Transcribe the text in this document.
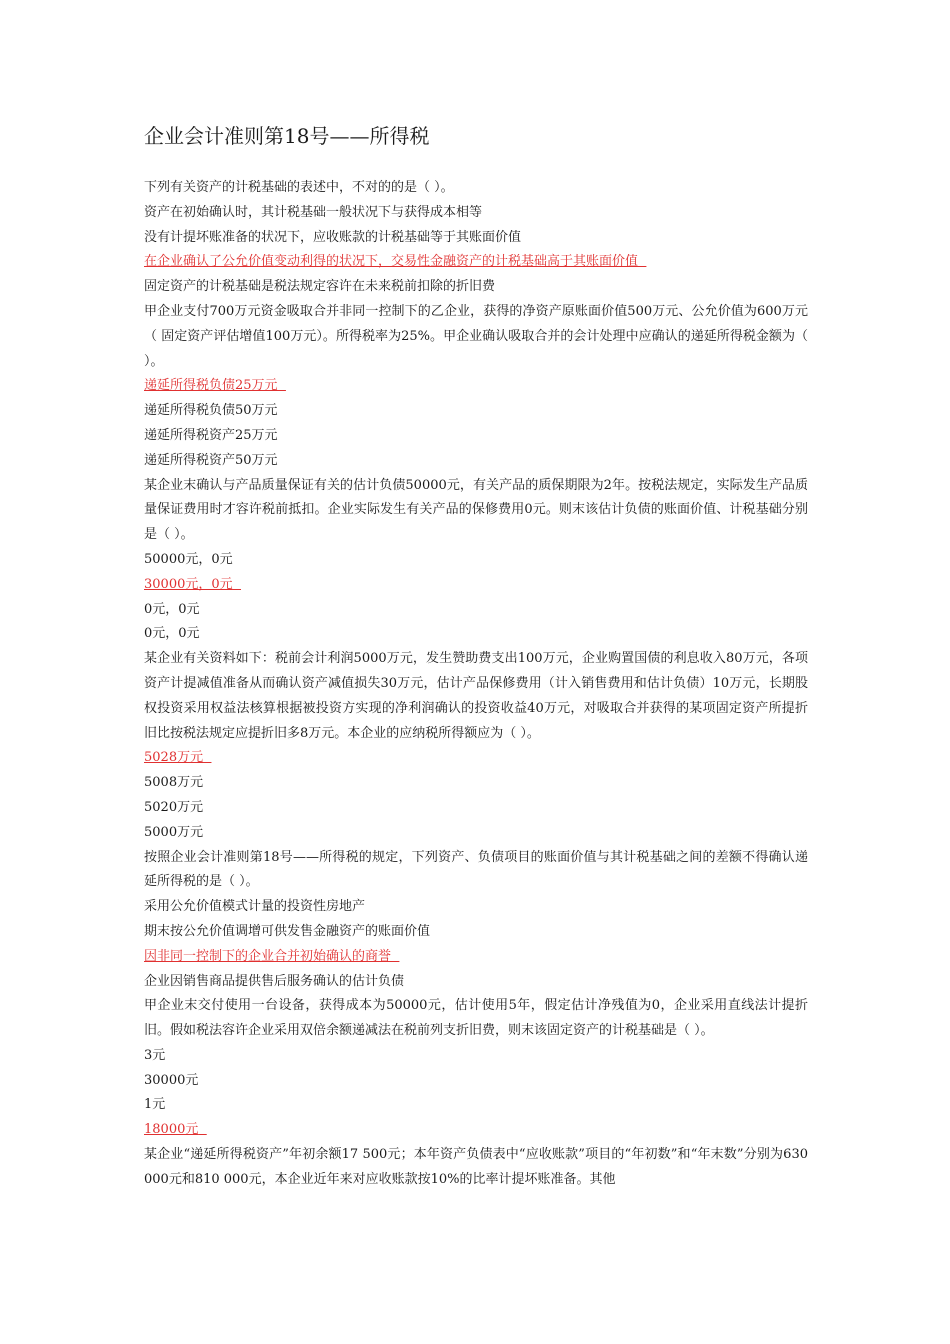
企业会计准则第18号——所得税
下列有关资产的计税基础的表述中，不对的的是（ ）。
资产在初始确认时，其计税基础一般状况下与获得成本相等
没有计提坏账准备的状况下，应收账款的计税基础等于其账面价值
在企业确认了公允价值变动利得的状况下，交易性金融资产的计税基础高于其账面价值
固定资产的计税基础是税法规定容许在未来税前扣除的折旧费
甲企业支付700万元资金吸取合并非同一控制下的乙企业，获得的净资产原账面价值500万元、公允价值为600万元（ 固定资产评估增值100万元）。所得税率为25%。甲企业确认吸取合并的会计处理中应确认的递延所得税金额为（ ）。
递延所得税负债25万元
递延所得税负债50万元
递延所得税资产25万元
递延所得税资产50万元
某企业末确认与产品质量保证有关的估计负债50000元，有关产品的质保期限为2年。按税法规定，实际发生产品质量保证费用时才容许税前抵扣。企业实际发生有关产品的保修费用0元。则末该估计负债的账面价值、计税基础分别是（ ）。
50000元，0元
30000元，0元
0元，0元
0元，0元
某企业有关资料如下：税前会计利润5000万元，发生赞助费支出100万元，企业购置国债的利息收入80万元，各项资产计提减值准备从而确认资产减值损失30万元，估计产品保修费用（计入销售费用和估计负债）10万元，长期股权投资采用权益法核算根据被投资方实现的净利润确认的投资收益40万元，对吸取合并获得的某项固定资产所提折旧比按税法规定应提折旧多8万元。本企业的应纳税所得额应为（ ）。
5028万元
5008万元
5020万元
5000万元
按照企业会计准则第18号——所得税的规定，下列资产、负债项目的账面价值与其计税基础之间的差额不得确认递延所得税的是（ ）。
采用公允价值模式计量的投资性房地产
期末按公允价值调增可供发售金融资产的账面价值
因非同一控制下的企业合并初始确认的商誉
企业因销售商品提供售后服务确认的估计负债
甲企业末交付使用一台设备，获得成本为50000元，估计使用5年，假定估计净残值为0，企业采用直线法计提折旧。假如税法容许企业采用双倍余额递减法在税前列支折旧费，则末该固定资产的计税基础是（ ）。
3元
30000元
1元
18000元
某企业“递延所得税资产”年初余额17 500元；本年资产负债表中“应收账款”项目的“年初数”和“年末数”分别为630 000元和810 000元，本企业近年来对应收账款按10%的比率计提坏账准备。其他
